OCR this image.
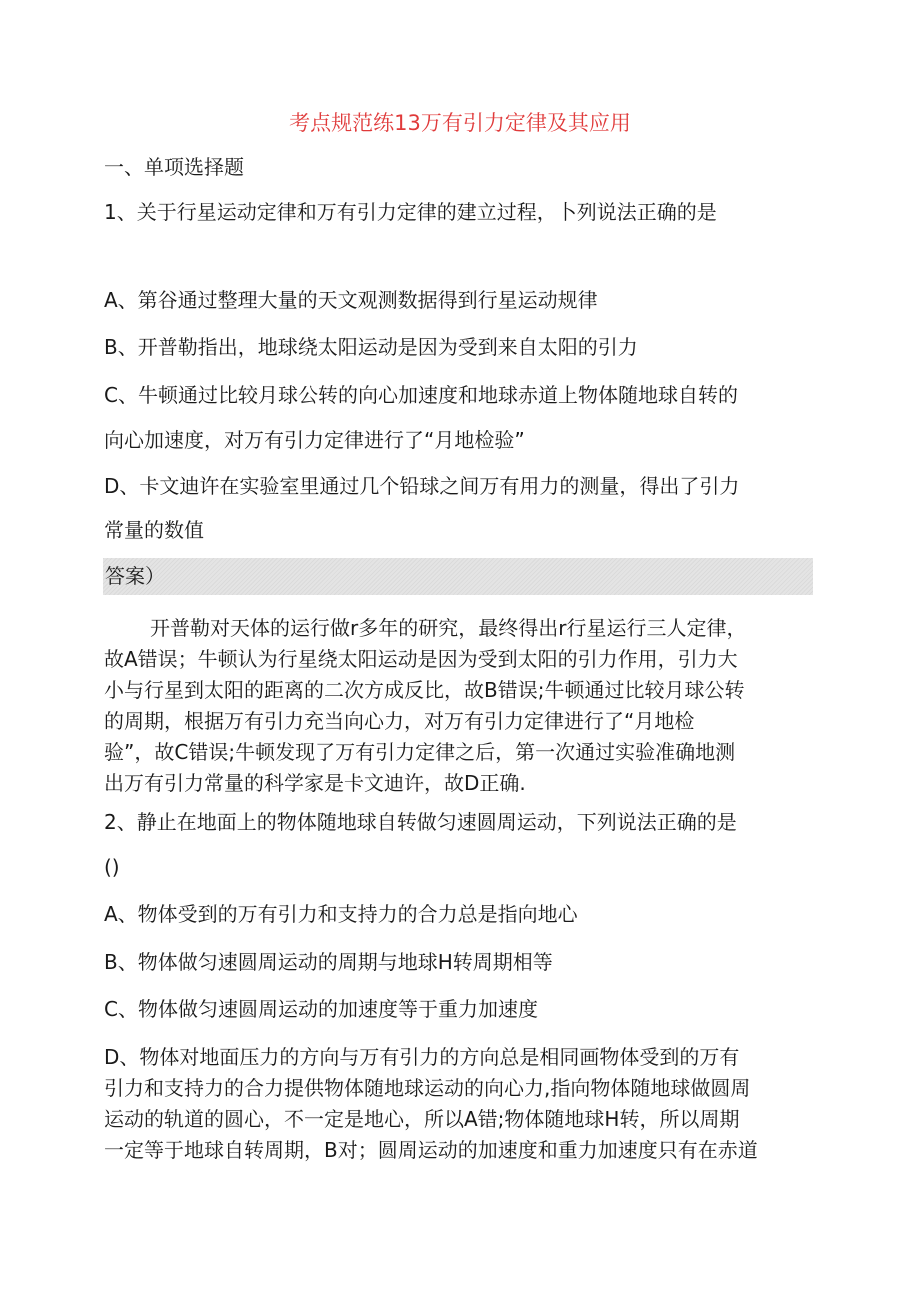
考点规范练13万有引力定律及其应用
一、单项选择题
1、关于行星运动定律和万有引力定律的建立过程，卜列说法正确的是
A、第谷通过整理大量的天文观测数据得到行星运动规律
B、开普勒指出，地球绕太阳运动是因为受到来自太阳的引力
C、牛顿通过比较月球公转的向心加速度和地球赤道上物体随地球自转的
向心加速度，对万有引力定律进行了“月地检验”
D、卡文迪许在实验室里通过几个铅球之间万有用力的测量，得出了引力
常量的数值
答案）
开普勒对天体的运行做r多年的研究，最终得出r行星运行三人定律，
故A错误；牛顿认为行星绕太阳运动是因为受到太阳的引力作用，引力大
小与行星到太阳的距离的二次方成反比，故B错误;牛顿通过比较月球公转
的周期，根据万有引力充当向心力，对万有引力定律进行了“月地检
验”，故C错误;牛顿发现了万有引力定律之后，第一次通过实验准确地测
出万有引力常量的科学家是卡文迪许，故D正确.
2、静止在地面上的物体随地球自转做匀速圆周运动，下列说法正确的是
()
A、物体受到的万有引力和支持力的合力总是指向地心
B、物体做匀速圆周运动的周期与地球H转周期相等
C、物体做匀速圆周运动的加速度等于重力加速度
D、物体对地面压力的方向与万有引力的方向总是相同画物体受到的万有
引力和支持力的合力提供物体随地球运动的向心力,指向物体随地球做圆周
运动的轨道的圆心，不一定是地心，所以A错;物体随地球H转，所以周期
一定等于地球自转周期，B对；圆周运动的加速度和重力加速度只有在赤道
